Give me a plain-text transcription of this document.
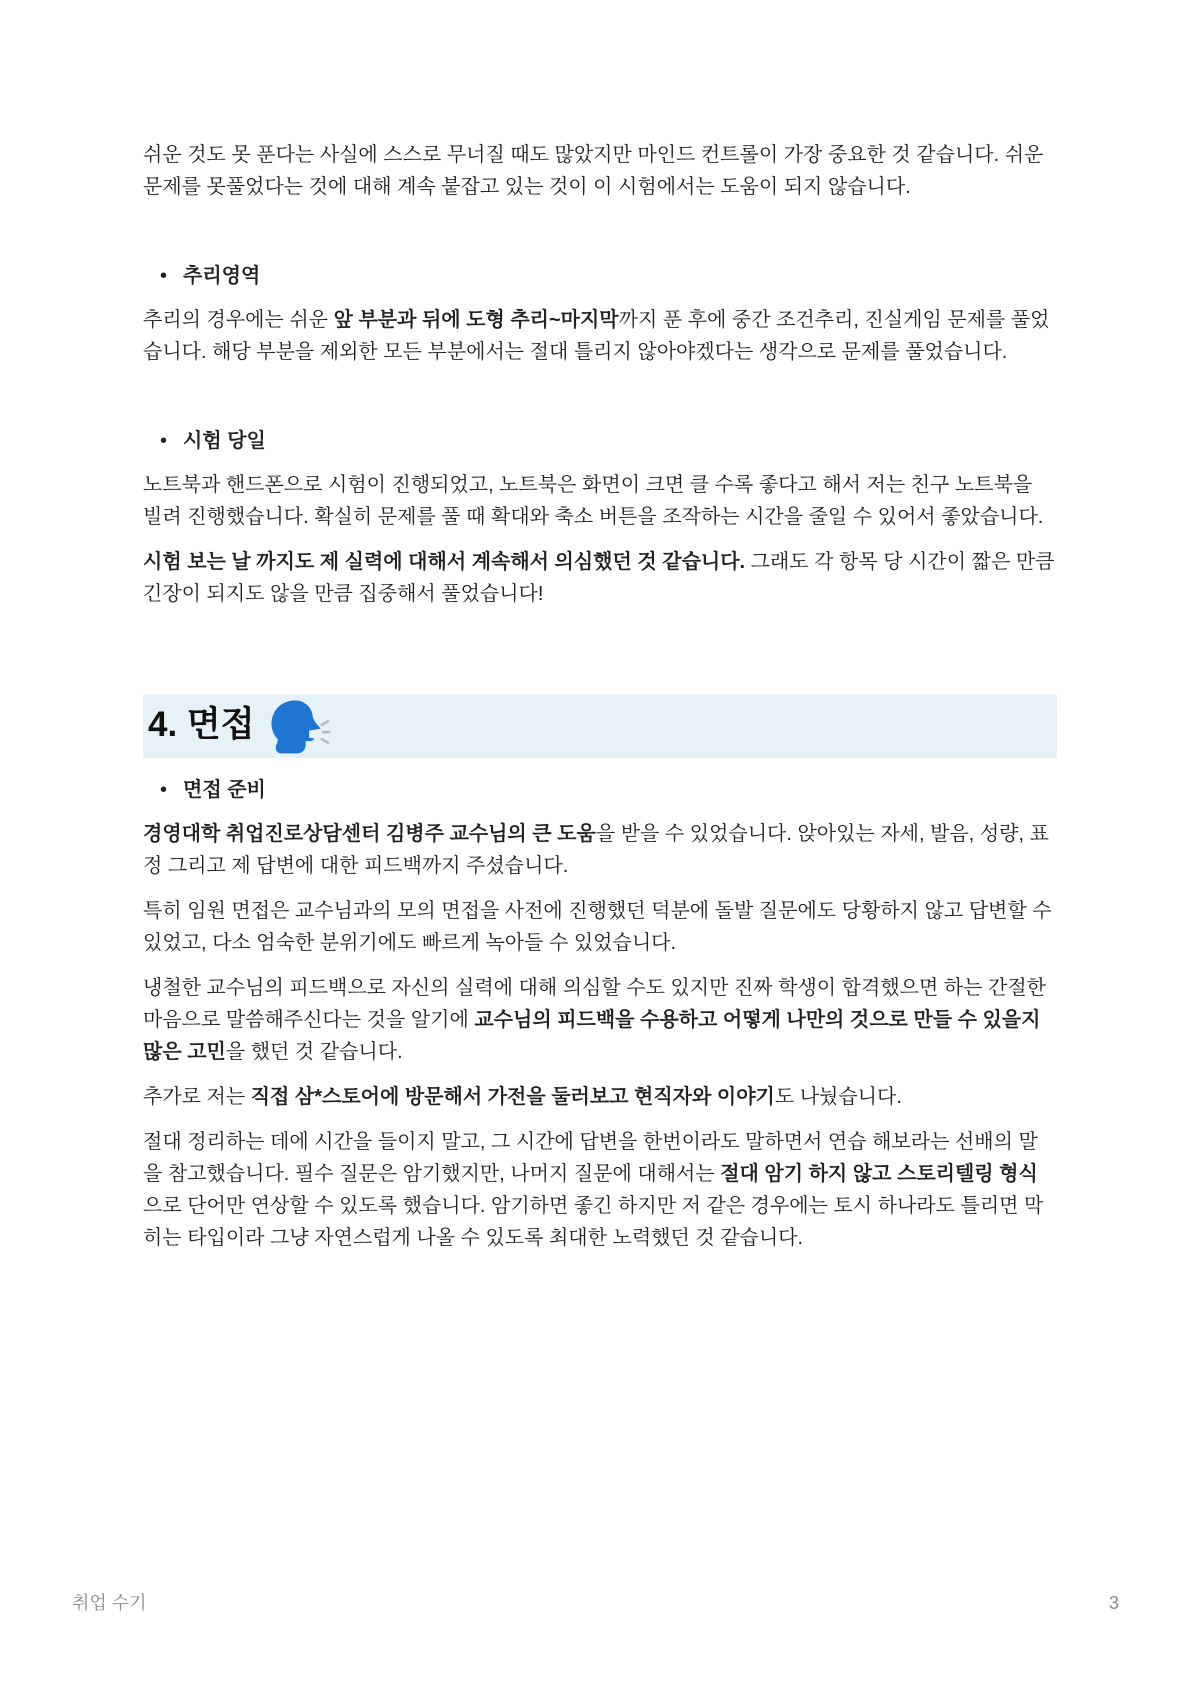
쉬운 것도 못 푼다는 사실에 스스로 무너질 때도 많았지만 마인드 컨트롤이 가장 중요한 것 같습니다. 쉬운 문제를 못풀었다는 것에 대해 계속 붙잡고 있는 것이 이 시험에서는 도움이 되지 않습니다.

• 추리영역

추리의 경우에는 쉬운 앞 부분과 뒤에 도형 추리~마지막까지 푼 후에 중간 조건추리, 진실게임 문제를 풀었습니다. 해당 부분을 제외한 모든 부분에서는 절대 틀리지 않아야겠다는 생각으로 문제를 풀었습니다.

• 시험 당일

노트북과 핸드폰으로 시험이 진행되었고, 노트북은 화면이 크면 클 수록 좋다고 해서 저는 친구 노트북을 빌려 진행했습니다. 확실히 문제를 풀 때 확대와 축소 버튼을 조작하는 시간을 줄일 수 있어서 좋았습니다.

시험 보는 날 까지도 제 실력에 대해서 계속해서 의심했던 것 같습니다. 그래도 각 항목 당 시간이 짧은 만큼 긴장이 되지도 않을 만큼 집중해서 풀었습니다!

4. 면접
• 면접 준비

경영대학 취업진로상담센터 김병주 교수님의 큰 도움을 받을 수 있었습니다. 앉아있는 자세, 발음, 성량, 표정 그리고 제 답변에 대한 피드백까지 주셨습니다.

특히 임원 면접은 교수님과의 모의 면접을 사전에 진행했던 덕분에 돌발 질문에도 당황하지 않고 답변할 수 있었고, 다소 엄숙한 분위기에도 빠르게 녹아들 수 있었습니다.

냉철한 교수님의 피드백으로 자신의 실력에 대해 의심할 수도 있지만 진짜 학생이 합격했으면 하는 간절한 마음으로 말씀해주신다는 것을 알기에 교수님의 피드백을 수용하고 어떻게 나만의 것으로 만들 수 있을지 많은 고민을 했던 것 같습니다.

추가로 저는 직접 삼*스토어에 방문해서 가전을 둘러보고 현직자와 이야기도 나눴습니다.

절대 정리하는 데에 시간을 들이지 말고, 그 시간에 답변을 한번이라도 말하면서 연습 해보라는 선배의 말을 참고했습니다. 필수 질문은 암기했지만, 나머지 질문에 대해서는 절대 암기 하지 않고 스토리텔링 형식으로 단어만 연상할 수 있도록 했습니다. 암기하면 좋긴 하지만 저 같은 경우에는 토시 하나라도 틀리면 막히는 타입이라 그냥 자연스럽게 나올 수 있도록 최대한 노력했던 것 같습니다.

취업 수기	3
